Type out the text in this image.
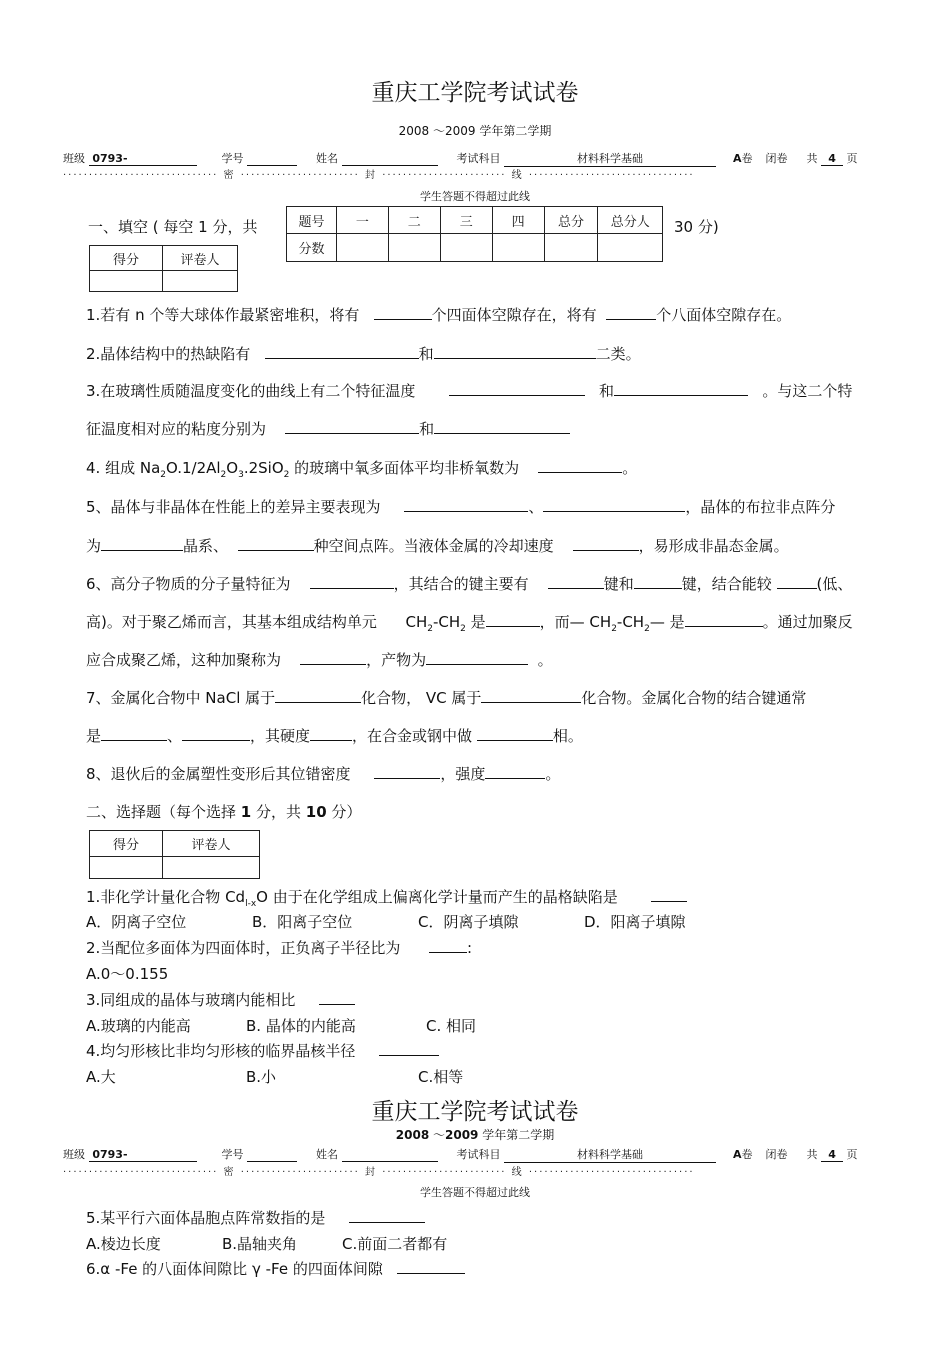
重庆工学院考试试卷
2008 ～2009 学年第二学期
班级 0793-	学号	姓名	考试科目	材料科学基础	A卷 闭卷 共 4 页
······························ 密 ······················· 封 ························ 线 ································
学生答题不得超过此线
一、填空 ( 每空 1 分，共	30 分)
题号	一	二	三	四	总分	总分人
分数						
得分	评卷人

1.若有 n 个等大球体作最紧密堆积，将有	个四面体空隙存在，将有	个八面体空隙存在。
2.晶体结构中的热缺陷有	和	二类。
3.在玻璃性质随温度变化的曲线上有二个特征温度	和	。与这二个特
征温度相对应的粘度分别为	和
4. 组成 $Na_2O.1/2Al_2O_3.2SiO_2$ 的玻璃中氧多面体平均非桥氧数为	。
5、晶体与非晶体在性能上的差异主要表现为	、	，晶体的布拉非点阵分
为	晶系、	种空间点阵。当液体金属的冷却速度	，易形成非晶态金属。
6、高分子物质的分子量特征为	，其结合的键主要有	键和	键，结合能较	(低、
高)。对于聚乙烯而言，其基本组成结构单元 $CH_2-CH_2$ 是	，而— $CH_2-CH_2—$ 是	。通过加聚反
应合成聚乙烯，这种加聚称为	，产物为	。
7、金属化合物中 NaCl 属于	化合物， VC 属于	化合物。金属化合物的结合键通常
是	、	，其硬度	，在合金或钢中做	相。
8、退伙后的金属塑性变形后其位错密度	，强度	。
二、选择题（每个选择 1 分，共 10 分）
得分	评卷人

1.非化学计量化合物 $Cd_{l-x}O$ 由于在化学组成上偏离化学计量而产生的晶格缺陷是
A．阴离子空位	B．阳离子空位	C．阴离子填隙	D．阳离子填隙
2.当配位多面体为四面体时，正负离子半径比为	:
A.0～0.155
3.同组成的晶体与玻璃内能相比
A.玻璃的内能高	B. 晶体的内能高	C. 相同
4.均匀形核比非均匀形核的临界晶核半径
A.大	B.小	C.相等
重庆工学院考试试卷
2008 ～2009 学年第二学期
班级 0793-	学号	姓名	考试科目	材料科学基础	A卷 闭卷 共 4 页
······························ 密 ······················· 封 ························ 线 ································
学生答题不得超过此线
5.某平行六面体晶胞点阵常数指的是
A.棱边长度	B.晶轴夹角	C.前面二者都有
6.α -Fe 的八面体间隙比 γ -Fe 的四面体间隙
